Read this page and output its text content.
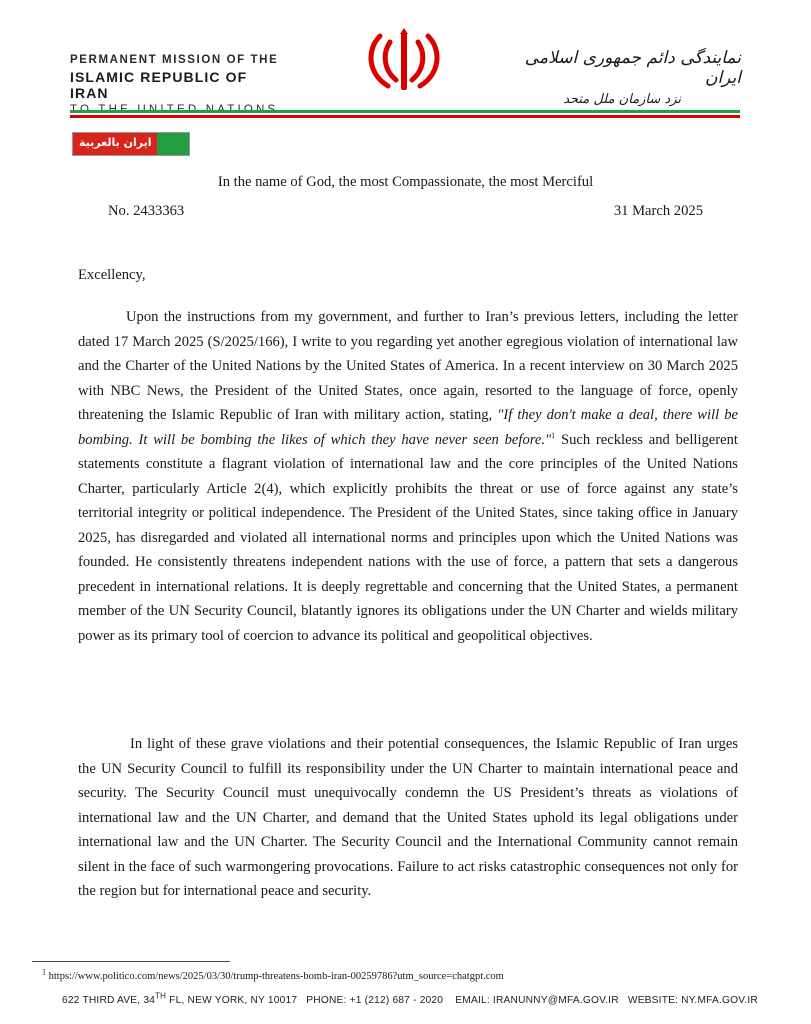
PERMANENT MISSION OF THE
ISLAMIC REPUBLIC OF IRAN
نمایندگی دائم جمهوری اسلامی ایران
نزد سازمان ملل متحد
ایران بالعربیة

In the name of God, the most Compassionate, the most Merciful
No. 2433363	31 March 2025
Excellency,
Upon the instructions from my government, and further to Iran’s previous letters, including the letter dated 17 March 2025 (S/2025/166), I write to you regarding yet another egregious violation of international law and the Charter of the United Nations by the United States of America. In a recent interview on 30 March 2025 with NBC News, the President of the United States, once again, resorted to the language of force, openly threatening the Islamic Republic of Iran with military action, stating, "If they don't make a deal, there will be bombing. It will be bombing the likes of which they have never seen before."$^1$ Such reckless and belligerent statements constitute a flagrant violation of international law and the core principles of the United Nations Charter, particularly Article 2(4), which explicitly prohibits the threat or use of force against any state’s territorial integrity or political independence. The President of the United States, since taking office in January 2025, has disregarded and violated all international norms and principles upon which the United Nations was founded. He consistently threatens independent nations with the use of force, a pattern that sets a dangerous precedent in international relations. It is deeply regrettable and concerning that the United States, a permanent member of the UN Security Council, blatantly ignores its obligations under the UN Charter and wields military power as its primary tool of coercion to advance its political and geopolitical objectives.
In light of these grave violations and their potential consequences, the Islamic Republic of Iran urges the UN Security Council to fulfill its responsibility under the UN Charter to maintain international peace and security. The Security Council must unequivocally condemn the US President’s threats as violations of international law and the UN Charter, and demand that the United States uphold its legal obligations under international law and the UN Charter. The Security Council and the International Community cannot remain silent in the face of such warmongering provocations. Failure to act risks catastrophic consequences not only for the region but for international peace and security.
$^1$ https://www.politico.com/news/2025/03/30/trump-threatens-bomb-iran-00259786?utm_source=chatgpt.com
622 THIRD AVE, 34TH FL, NEW YORK, NY 10017 PHONE: +1 (212) 687 - 2020 EMAIL: IRANUNNY@MFA.GOV.IR WEBSITE: NY.MFA.GOV.IR
